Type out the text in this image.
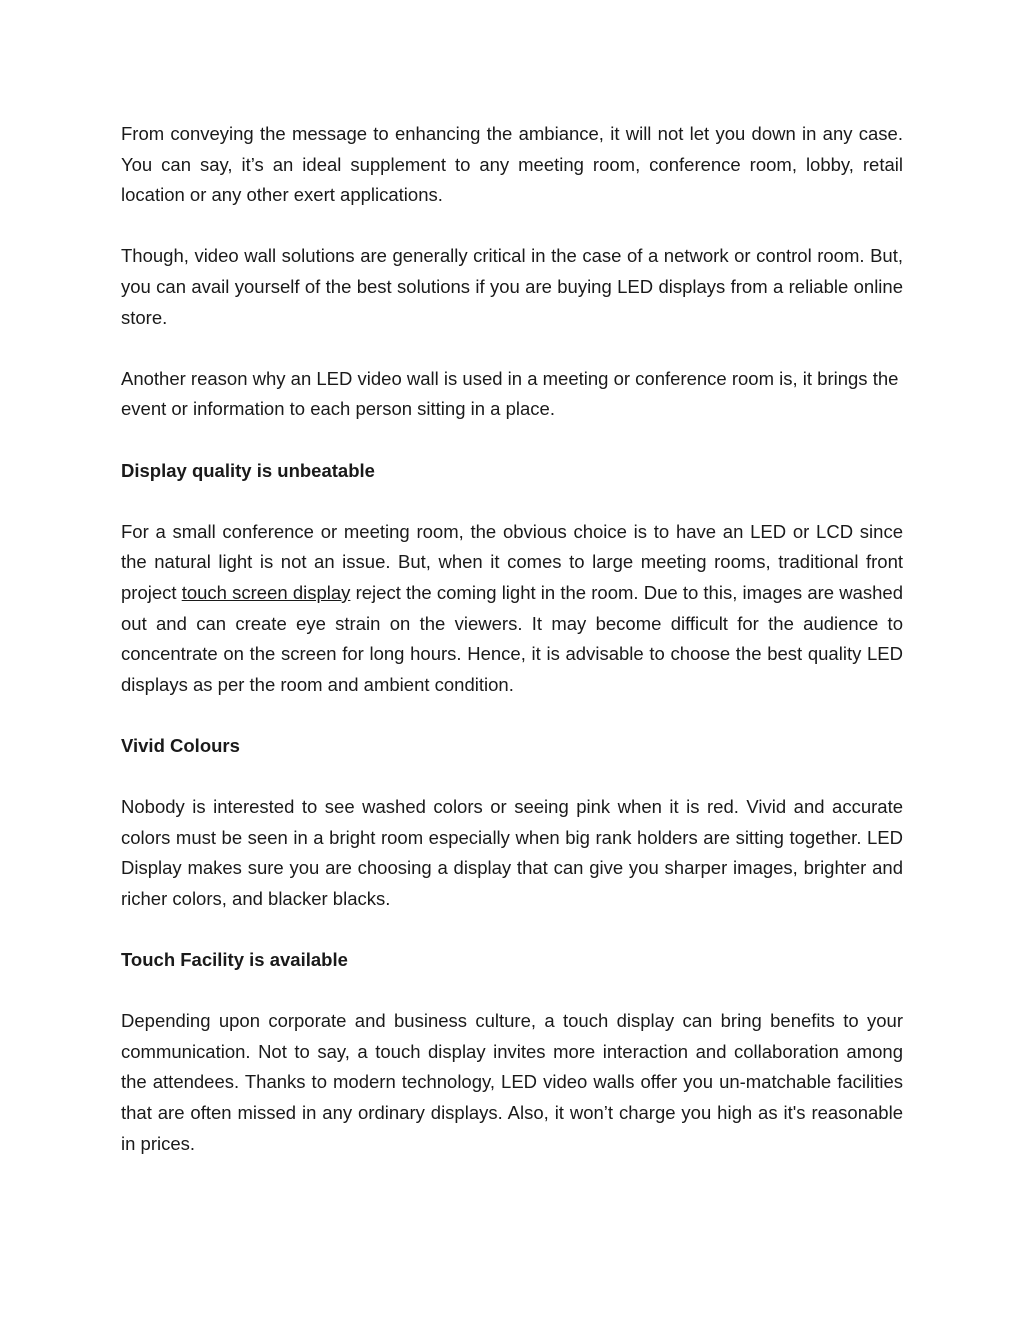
From conveying the message to enhancing the ambiance, it will not let you down in any case. You can say, it’s an ideal supplement to any meeting room, conference room, lobby, retail location or any other exert applications.

Though, video wall solutions are generally critical in the case of a network or control room. But, you can avail yourself of the best solutions if you are buying LED displays from a reliable online store.

Another reason why an LED video wall is used in a meeting or conference room is, it brings the event or information to each person sitting in a place.

Display quality is unbeatable

For a small conference or meeting room, the obvious choice is to have an LED or LCD since the natural light is not an issue. But, when it comes to large meeting rooms, traditional front project touch screen display reject the coming light in the room. Due to this, images are washed out and can create eye strain on the viewers. It may become difficult for the audience to concentrate on the screen for long hours. Hence, it is advisable to choose the best quality LED displays as per the room and ambient condition.

Vivid Colours

Nobody is interested to see washed colors or seeing pink when it is red. Vivid and accurate colors must be seen in a bright room especially when big rank holders are sitting together. LED Display makes sure you are choosing a display that can give you sharper images, brighter and richer colors, and blacker blacks.

Touch Facility is available

Depending upon corporate and business culture, a touch display can bring benefits to your communication. Not to say, a touch display invites more interaction and collaboration among the attendees. Thanks to modern technology, LED video walls offer you un-matchable facilities that are often missed in any ordinary displays. Also, it won’t charge you high as it's reasonable in prices.
